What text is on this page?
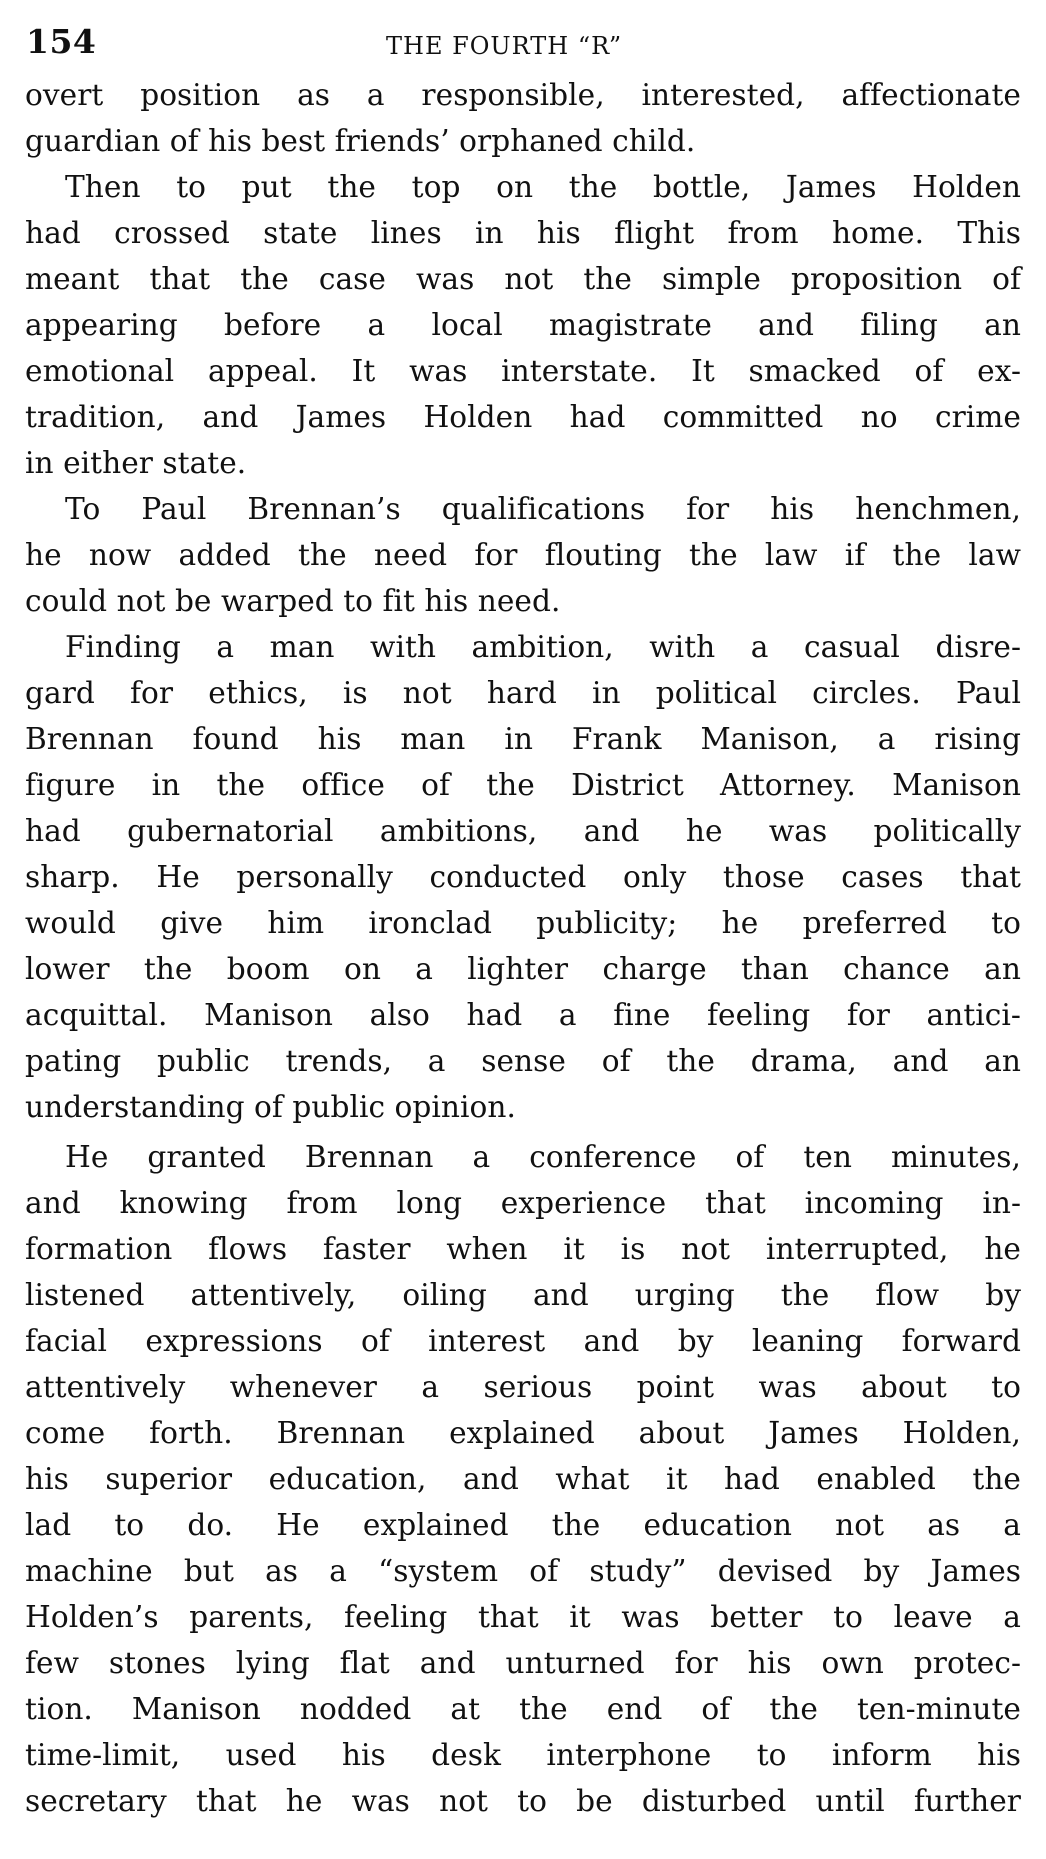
154	THE FOURTH “R”
overt position as a responsible, interested, affectionate
guardian of his best friends’ orphaned child.
Then to put the top on the bottle, James Holden
had crossed state lines in his flight from home. This
meant that the case was not the simple proposition of
appearing before a local magistrate and filing an
emotional appeal. It was interstate. It smacked of ex-
tradition, and James Holden had committed no crime
in either state.
To Paul Brennan’s qualifications for his henchmen,
he now added the need for flouting the law if the law
could not be warped to fit his need.
Finding a man with ambition, with a casual disre-
gard for ethics, is not hard in political circles. Paul
Brennan found his man in Frank Manison, a rising
figure in the office of the District Attorney. Manison
had gubernatorial ambitions, and he was politically
sharp. He personally conducted only those cases that
would give him ironclad publicity; he preferred to
lower the boom on a lighter charge than chance an
acquittal. Manison also had a fine feeling for antici-
pating public trends, a sense of the drama, and an
understanding of public opinion.
He granted Brennan a conference of ten minutes,
and knowing from long experience that incoming in-
formation flows faster when it is not interrupted, he
listened attentively, oiling and urging the flow by
facial expressions of interest and by leaning forward
attentively whenever a serious point was about to
come forth. Brennan explained about James Holden,
his superior education, and what it had enabled the
lad to do. He explained the education not as a
machine but as a “system of study” devised by James
Holden’s parents, feeling that it was better to leave a
few stones lying flat and unturned for his own protec-
tion. Manison nodded at the end of the ten-minute
time-limit, used his desk interphone to inform his
secretary that he was not to be disturbed until further
